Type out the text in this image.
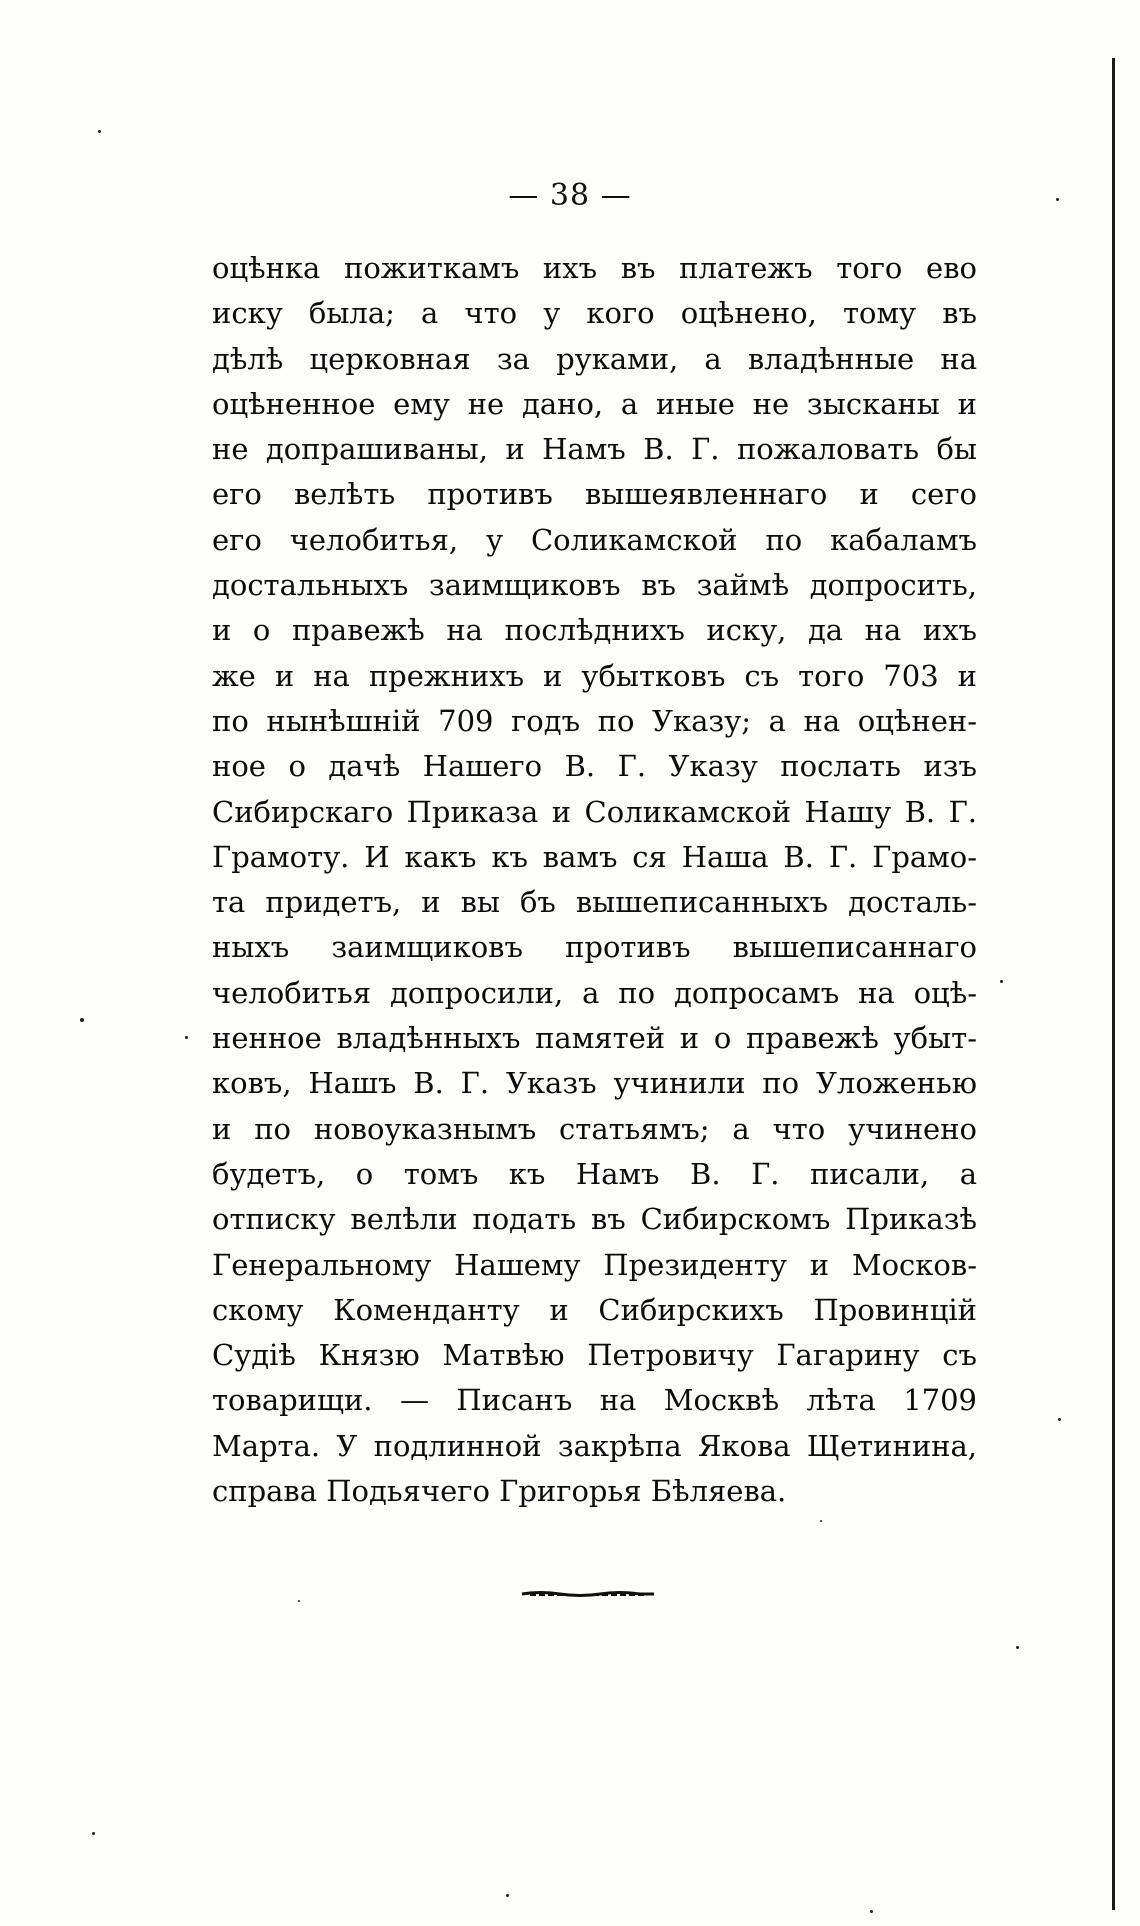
— 38 —
оцѣнка пожиткамъ ихъ въ платежъ того ево
иску была; а что у кого оцѣнено, тому въ
дѣлѣ церковная за руками, а владѣнные на
оцѣненное ему не дано, а иные не зысканы и
не допрашиваны, и Намъ В. Г. пожаловать бы
его велѣть противъ вышеявленнаго и сего
его челобитья, у Соликамской по кабаламъ
достальныхъ заимщиковъ въ займѣ допросить,
и о правежѣ на послѣднихъ иску, да на ихъ
же и на прежнихъ и убытковъ съ того 703 и
по нынѣшній 709 годъ по Указу; а на оцѣнен-
ное о дачѣ Нашего В. Г. Указу послать изъ
Сибирскаго Приказа и Соликамской Нашу В. Г.
Грамоту. И какъ къ вамъ ся Наша В. Г. Грамо-
та придетъ, и вы бъ вышеписанныхъ досталь-
ныхъ заимщиковъ противъ вышеписаннаго
челобитья допросили, а по допросамъ на оцѣ-
ненное владѣнныхъ памятей и о правежѣ убыт-
ковъ, Нашъ В. Г. Указъ учинили по Уложенью
и по новоуказнымъ статьямъ; а что учинено
будетъ, о томъ къ Намъ В. Г. писали, а
отписку велѣли подать въ Сибирскомъ Приказѣ
Генеральному Нашему Президенту и Москов-
скому Коменданту и Сибирскихъ Провинцій
Судіѣ Князю Матвѣю Петровичу Гагарину съ
товарищи. — Писанъ на Москвѣ лѣта 1709
Марта. У подлинной закрѣпа Якова Щетинина,
справа Подьячего Григорья Бѣляева.
